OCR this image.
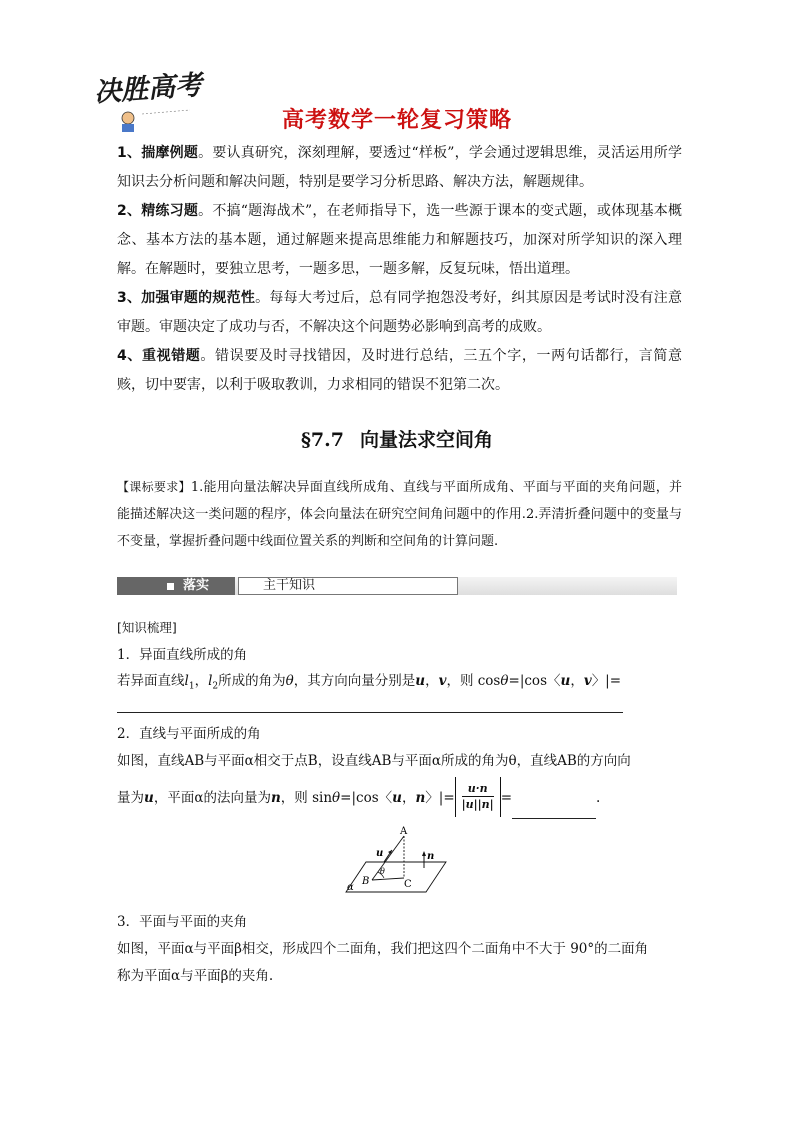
决胜高考
高考数学一轮复习策略
1、揣摩例题。要认真研究，深刻理解，要透过“样板”，学会通过逻辑思维，灵活运用所学知识去分析问题和解决问题，特别是要学习分析思路、解决方法，解题规律。
2、精练习题。不搞“题海战术”，在老师指导下，选一些源于课本的变式题，或体现基本概念、基本方法的基本题，通过解题来提高思维能力和解题技巧，加深对所学知识的深入理解。在解题时，要独立思考，一题多思，一题多解，反复玩味，悟出道理。
3、加强审题的规范性。每每大考过后，总有同学抱怨没考好，纠其原因是考试时没有注意审题。审题决定了成功与否，不解决这个问题势必影响到高考的成败。
4、重视错题。错误要及时寻找错因，及时进行总结，三五个字，一两句话都行，言简意赅，切中要害，以利于吸取教训，力求相同的错误不犯第二次。
§7.7 向量法求空间角
【课标要求】1.能用向量法解决异面直线所成角、直线与平面所成角、平面与平面的夹角问题，并能描述解决这一类问题的程序，体会向量法在研究空间角问题中的作用.2.弄清折叠问题中的变量与不变量，掌握折叠问题中线面位置关系的判断和空间角的计算问题.
落实	主干知识
[知识梳理]
1．异面直线所成的角
若异面直线$l_1$，$l_2$所成的角为θ，其方向向量分别是u，v，则 cosθ=|cos〈u，v〉|=
2．直线与平面所成的角
如图，直线AB与平面α相交于点B，设直线AB与平面α所成的角为θ，直线AB的方向向
量为u，平面α的法向量为n，则 sinθ=|cos〈u，n〉|= $\frac{u\cdot n}{|u||n|}$ =	.
A
B	C
u	n
θ
α
3．平面与平面的夹角
如图，平面α与平面β相交，形成四个二面角，我们把这四个二面角中不大于 90°的二面角
称为平面α与平面β的夹角.
